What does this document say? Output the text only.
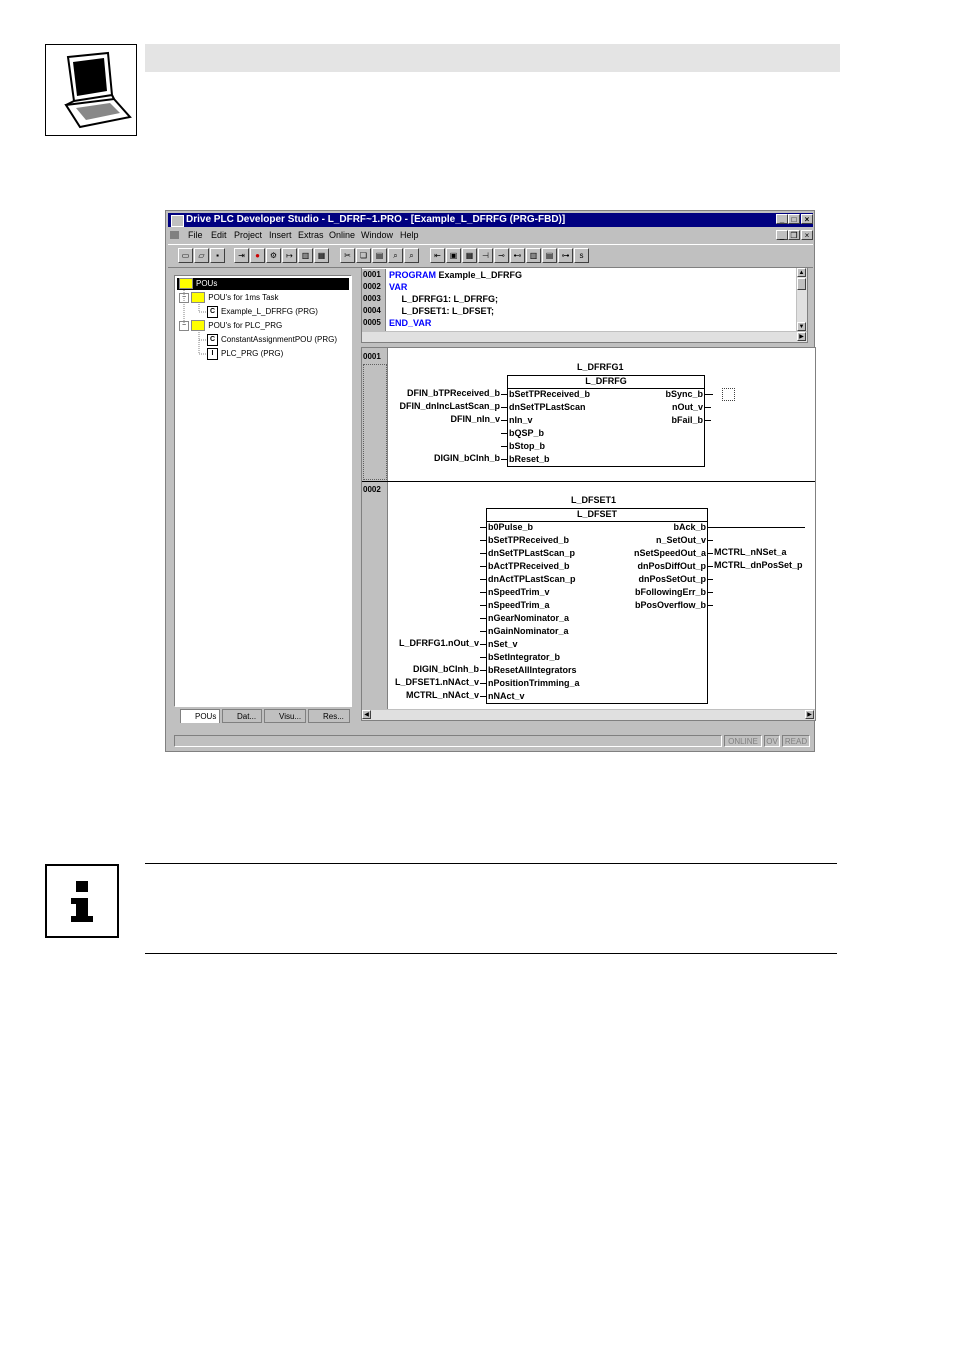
Drive PLC Developer Studio - L_DFRF~1.PRO - [Example_L_DFRFG (PRG-FBD)]	_ □	×
File Edit Project Insert Extras Online Window Help	_ ❐ ×
▭	▱	▪	⇥	●	⚙	↦	▥	▦	✂	❏	▤	⌕	⌕	⇤	▣	▦	⊣	⊸	⊷	▥	▤	⊶	s
POUs
−	POU's for 1ms Task
C Example_L_DFRFG (PRG)
−	POU's for PLC_PRG
C ConstantAssignmentPOU (PRG)
I PLC_PRG (PRG)
POUs	Dat...	Visu...	Res...
0001
0002
0003
0004
0005
PROGRAM Example_L_DFRFG
VAR
L_DFRFG1: L_DFRFG;
L_DFSET1: L_DFSET;
END_VAR
▲
▼
▶
0001
L_DFRFG1
L_DFRFG
bSetTPReceived_b
dnSetTPLastScan
nIn_v
bQSP_b
bStop_b
bReset_b
bSync_b
nOut_v
bFail_b
DFIN_bTPReceived_b
DFIN_dnIncLastScan_p
DFIN_nIn_v
DIGIN_bCInh_b
0002
L_DFSET1
L_DFSET
b0Pulse_b
bSetTPReceived_b
dnSetTPLastScan_p
bActTPReceived_b
dnActTPLastScan_p
nSpeedTrim_v
nSpeedTrim_a
nGearNominator_a
nGainNominator_a
nSet_v
bSetIntegrator_b
bResetAllIntegrators
nPositionTrimming_a
nNAct_v
bAck_b
n_SetOut_v
nSetSpeedOut_a
dnPosDiffOut_p
dnPosSetOut_p
bFollowingErr_b
bPosOverflow_b
L_DFRFG1.nOut_v
DIGIN_bCInh_b
L_DFSET1.nNAct_v
MCTRL_nNAct_v
MCTRL_nNSet_a
MCTRL_dnPosSet_p
◀	▶
ONLINE	OV READ
